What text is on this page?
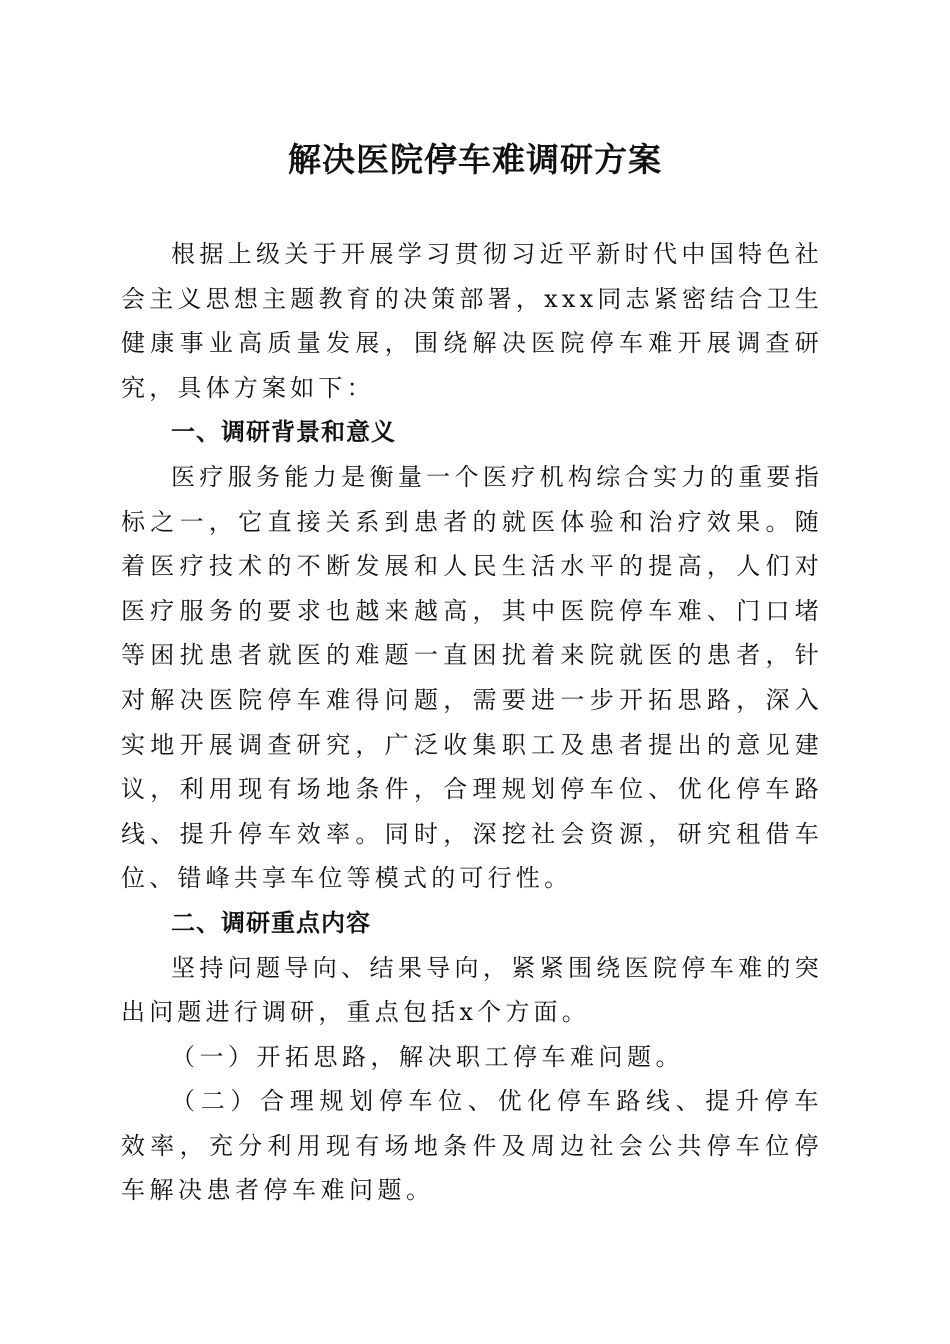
解决医院停车难调研方案

根据上级关于开展学习贯彻习近平新时代中国特色社会主义思想主题教育的决策部署，xxx同志紧密结合卫生健康事业高质量发展，围绕解决医院停车难开展调查研究，具体方案如下：

一、调研背景和意义

医疗服务能力是衡量一个医疗机构综合实力的重要指标之一，它直接关系到患者的就医体验和治疗效果。随着医疗技术的不断发展和人民生活水平的提高，人们对医疗服务的要求也越来越高，其中医院停车难、门口堵等困扰患者就医的难题一直困扰着来院就医的患者，针对解决医院停车难得问题，需要进一步开拓思路，深入实地开展调查研究，广泛收集职工及患者提出的意见建议，利用现有场地条件，合理规划停车位、优化停车路线、提升停车效率。同时，深挖社会资源，研究租借车位、错峰共享车位等模式的可行性。

二、调研重点内容

坚持问题导向、结果导向，紧紧围绕医院停车难的突出问题进行调研，重点包括x个方面。

（一）开拓思路，解决职工停车难问题。

（二）合理规划停车位、优化停车路线、提升停车效率，充分利用现有场地条件及周边社会公共停车位停车解决患者停车难问题。
